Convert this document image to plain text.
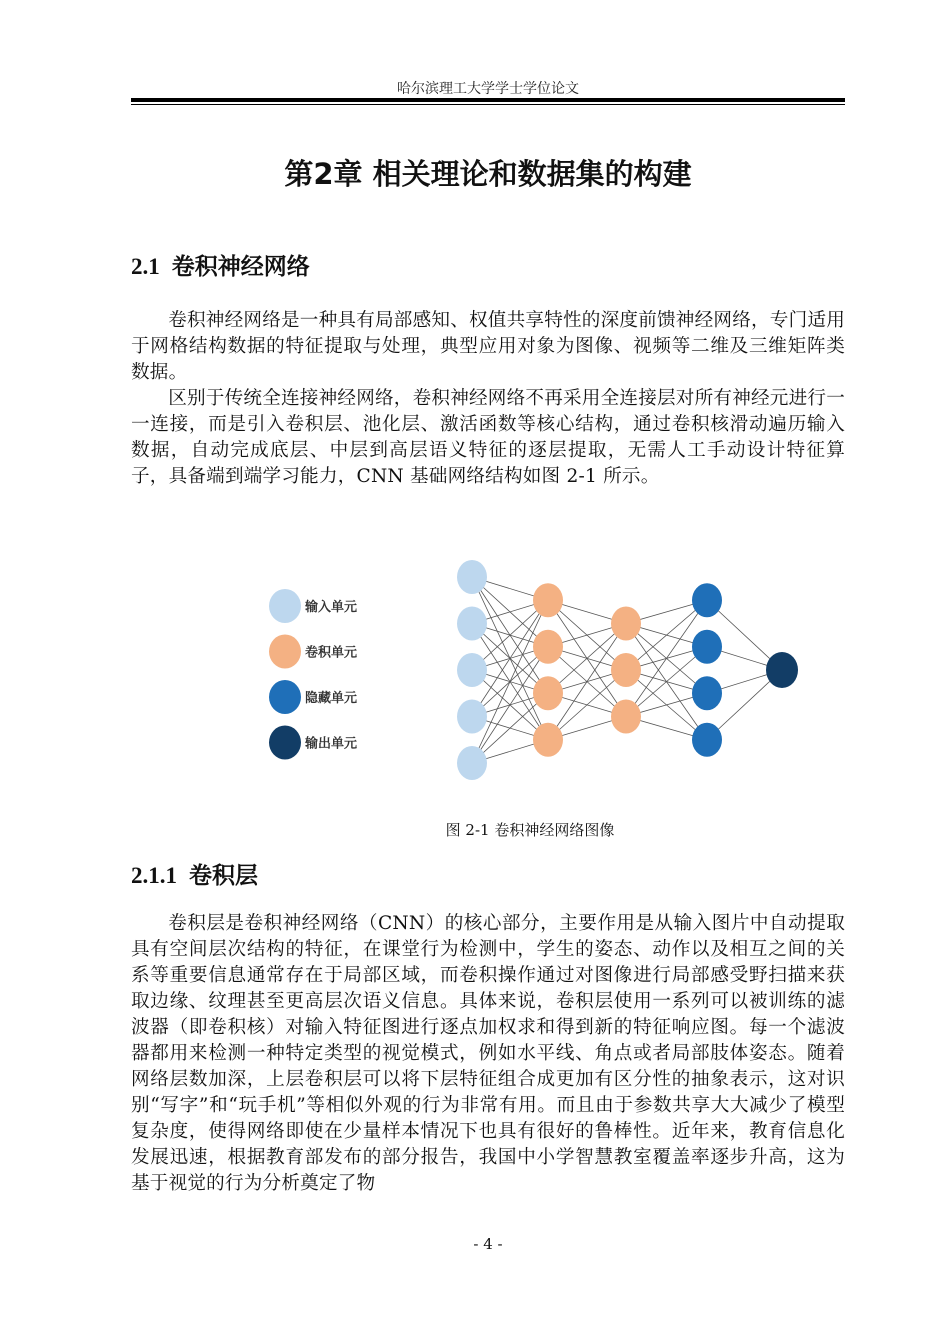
哈尔滨理工大学学士学位论文
第2章 相关理论和数据集的构建
2.1 卷积神经网络

卷积神经网络是一种具有局部感知、权值共享特性的深度前馈神经网络，专门适用于网格结构数据的特征提取与处理，典型应用对象为图像、视频等二维及三维矩阵类数据。

区别于传统全连接神经网络，卷积神经网络不再采用全连接层对所有神经元进行一一连接，而是引入卷积层、池化层、激活函数等核心结构，通过卷积核滑动遍历输入数据，自动完成底层、中层到高层语义特征的逐层提取，无需人工手动设计特征算子，具备端到端学习能力，CNN 基础网络结构如图 2-1 所示。

输入单元
卷积单元
隐藏单元
输出单元
图 2-1 卷积神经网络图像
2.1.1 卷积层

卷积层是卷积神经网络（CNN）的核心部分，主要作用是从输入图片中自动提取具有空间层次结构的特征，在课堂行为检测中，学生的姿态、动作以及相互之间的关系等重要信息通常存在于局部区域，而卷积操作通过对图像进行局部感受野扫描来获取边缘、纹理甚至更高层次语义信息。具体来说，卷积层使用一系列可以被训练的滤波器（即卷积核）对输入特征图进行逐点加权求和得到新的特征响应图。每一个滤波器都用来检测一种特定类型的视觉模式，例如水平线、角点或者局部肢体姿态。随着网络层数加深，上层卷积层可以将下层特征组合成更加有区分性的抽象表示，这对识别“写字”和“玩手机”等相似外观的行为非常有用。而且由于参数共享大大减少了模型复杂度，使得网络即使在少量样本情况下也具有很好的鲁棒性。近年来，教育信息化发展迅速，根据教育部发布的部分报告，我国中小学智慧教室覆盖率逐步升高，这为基于视觉的行为分析奠定了物

- 4 -
